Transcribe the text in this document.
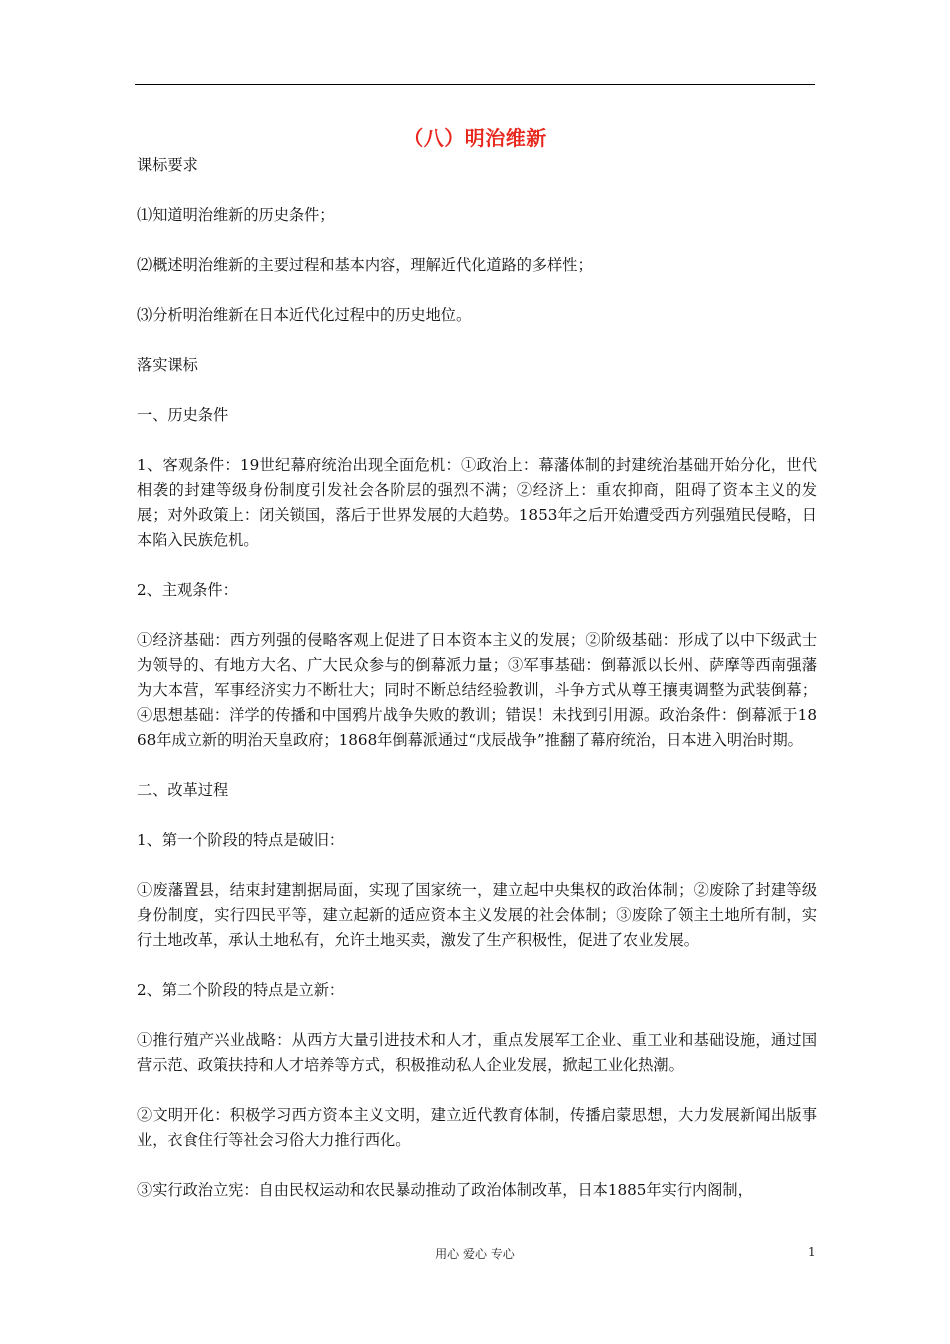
（八）明治维新

课标要求

⑴知道明治维新的历史条件；

⑵概述明治维新的主要过程和基本内容，理解近代化道路的多样性；

⑶分析明治维新在日本近代化过程中的历史地位。

落实课标

一、历史条件

1、客观条件：19世纪幕府统治出现全面危机：①政治上：幕藩体制的封建统治基础开始分化，世代相袭的封建等级身份制度引发社会各阶层的强烈不满；②经济上：重农抑商，阻碍了资本主义的发展；对外政策上：闭关锁国，落后于世界发展的大趋势。1853年之后开始遭受西方列强殖民侵略，日本陷入民族危机。

2、主观条件：

①经济基础：西方列强的侵略客观上促进了日本资本主义的发展；②阶级基础：形成了以中下级武士为领导的、有地方大名、广大民众参与的倒幕派力量；③军事基础：倒幕派以长州、萨摩等西南强藩为大本营，军事经济实力不断壮大；同时不断总结经验教训，斗争方式从尊王攘夷调整为武装倒幕；④思想基础：洋学的传播和中国鸦片战争失败的教训；错误！未找到引用源。政治条件：倒幕派于1868年成立新的明治天皇政府；1868年倒幕派通过“戊辰战争”推翻了幕府统治，日本进入明治时期。

二、改革过程

1、第一个阶段的特点是破旧：

①废藩置县，结束封建割据局面，实现了国家统一，建立起中央集权的政治体制；②废除了封建等级身份制度，实行四民平等，建立起新的适应资本主义发展的社会体制；③废除了领主土地所有制，实行土地改革，承认土地私有，允许土地买卖，激发了生产积极性，促进了农业发展。

2、第二个阶段的特点是立新：

①推行殖产兴业战略：从西方大量引进技术和人才，重点发展军工企业、重工业和基础设施，通过国营示范、政策扶持和人才培养等方式，积极推动私人企业发展，掀起工业化热潮。

②文明开化：积极学习西方资本主义文明，建立近代教育体制，传播启蒙思想，大力发展新闻出版事业，衣食住行等社会习俗大力推行西化。

③实行政治立宪：自由民权运动和农民暴动推动了政治体制改革，日本1885年实行内阁制，

用心 爱心 专心	1
